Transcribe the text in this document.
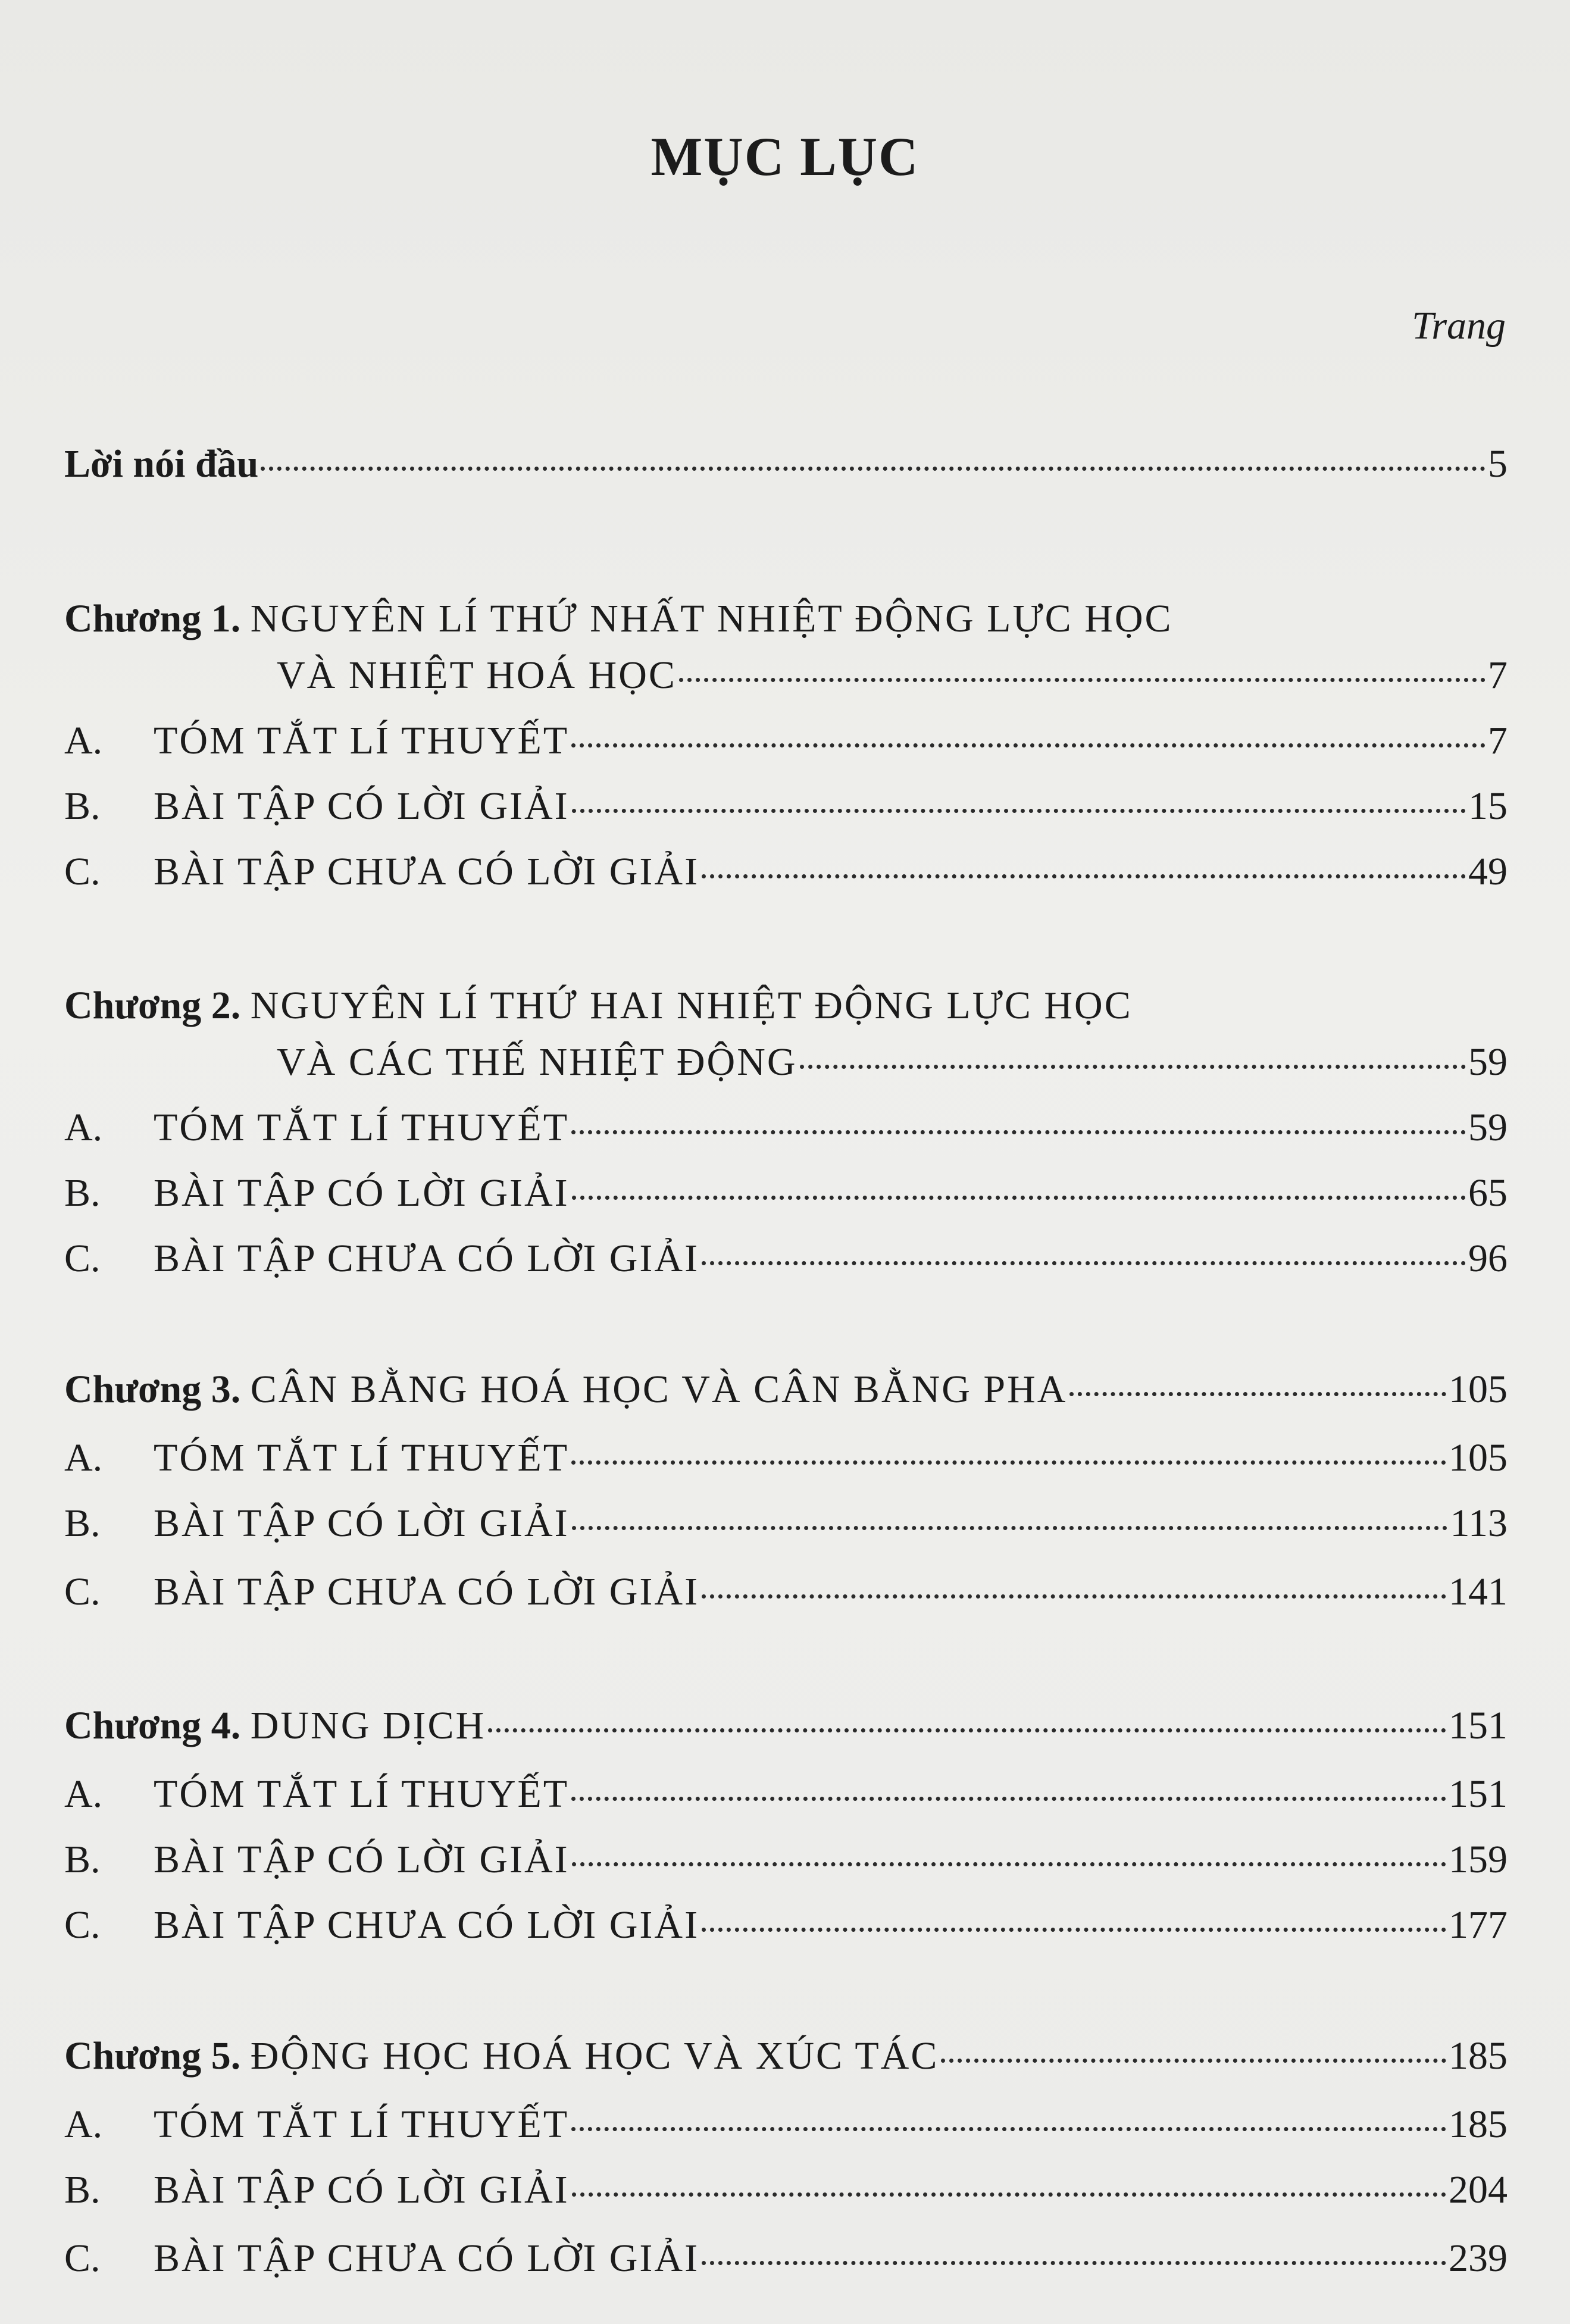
MỤC LỤC
Trang
Lời nói đầu	5
Chương 1.
NGUYÊN LÍ THỨ NHẤT NHIỆT ĐỘNG LỰC HỌC
VÀ NHIỆT HOÁ HỌC	7
A.	TÓM TẮT LÍ THUYẾT	7
B.	BÀI TẬP CÓ LỜI GIẢI	15
C.	BÀI TẬP CHƯA CÓ LỜI GIẢI	49
Chương 2.
NGUYÊN LÍ THỨ HAI NHIỆT ĐỘNG LỰC HỌC
VÀ CÁC THẾ NHIỆT ĐỘNG	59
A.	TÓM TẮT LÍ THUYẾT	59
B.	BÀI TẬP CÓ LỜI GIẢI	65
C.	BÀI TẬP CHƯA CÓ LỜI GIẢI	96
Chương 3.
CÂN BẰNG HOÁ HỌC VÀ CÂN BẰNG PHA	105
A.	TÓM TẮT LÍ THUYẾT	105
B.	BÀI TẬP CÓ LỜI GIẢI	113
C.	BÀI TẬP CHƯA CÓ LỜI GIẢI	141
Chương 4.
DUNG DỊCH	151
A.	TÓM TẮT LÍ THUYẾT	151
B.	BÀI TẬP CÓ LỜI GIẢI	159
C.	BÀI TẬP CHƯA CÓ LỜI GIẢI	177
Chương 5.
ĐỘNG HỌC HOÁ HỌC VÀ XÚC TÁC	185
A.	TÓM TẮT LÍ THUYẾT	185
B.	BÀI TẬP CÓ LỜI GIẢI	204
C.	BÀI TẬP CHƯA CÓ LỜI GIẢI	239
